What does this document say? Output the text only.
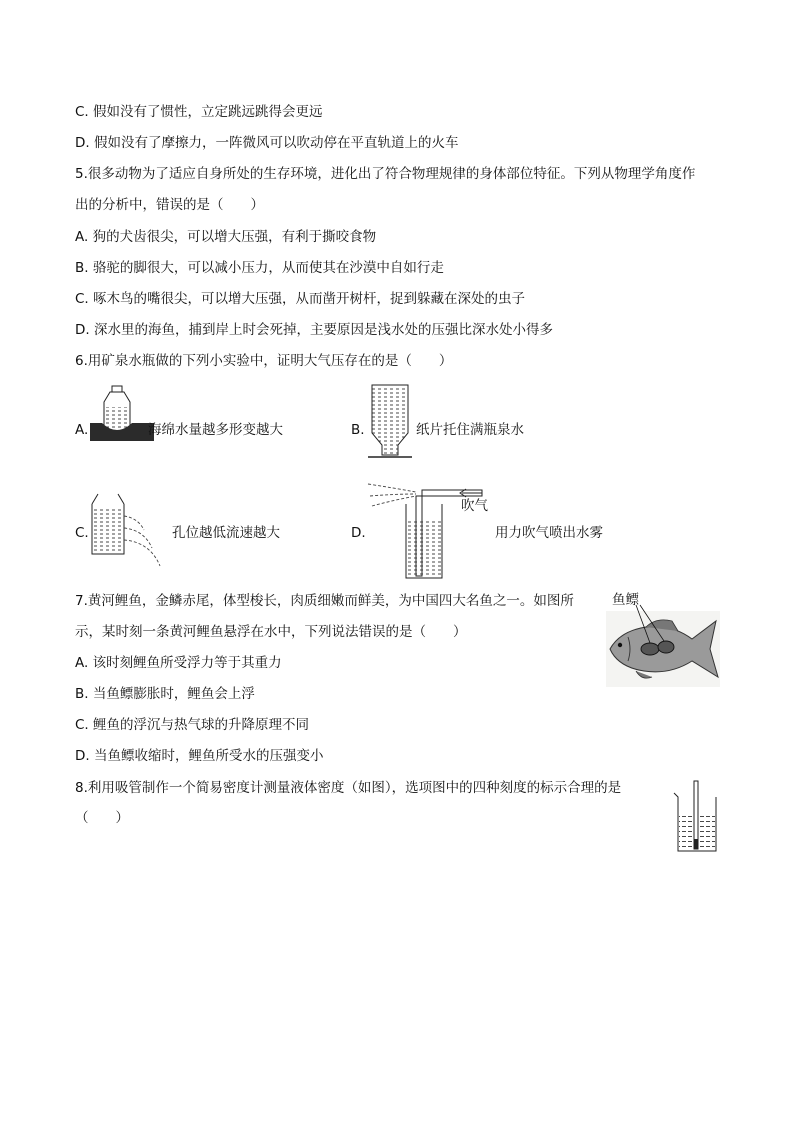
C. 假如没有了惯性，立定跳远跳得会更远
D. 假如没有了摩擦力，一阵微风可以吹动停在平直轨道上的火车
5.很多动物为了适应自身所处的生存环境，进化出了符合物理规律的身体部位特征。下列从物理学角度作
出的分析中，错误的是（　　）
A. 狗的犬齿很尖，可以增大压强，有利于撕咬食物
B. 骆驼的脚很大，可以减小压力，从而使其在沙漠中自如行走
C. 啄木鸟的嘴很尖，可以增大压强，从而凿开树杆，捉到躲藏在深处的虫子
D. 深水里的海鱼，捕到岸上时会死掉，主要原因是浅水处的压强比深水处小得多
6.用矿泉水瓶做的下列小实验中，证明大气压存在的是（　　）
A.	海绵水量越多形变越大	B.	纸片托住满瓶泉水
C.	孔位越低流速越大	D.
吹气
用力吹气喷出水雾
7.黄河鲤鱼，金鳞赤尾，体型梭长，肉质细嫩而鲜美，为中国四大名鱼之一。如图所
示，某时刻一条黄河鲤鱼悬浮在水中，下列说法错误的是（　　）
A. 该时刻鲤鱼所受浮力等于其重力
B. 当鱼鳔膨胀时，鲤鱼会上浮
C. 鲤鱼的浮沉与热气球的升降原理不同
D. 当鱼鳔收缩时，鲤鱼所受水的压强变小
鱼鳔
8.利用吸管制作一个简易密度计测量液体密度（如图），选项图中的四种刻度的标示合理的是
（　　）
